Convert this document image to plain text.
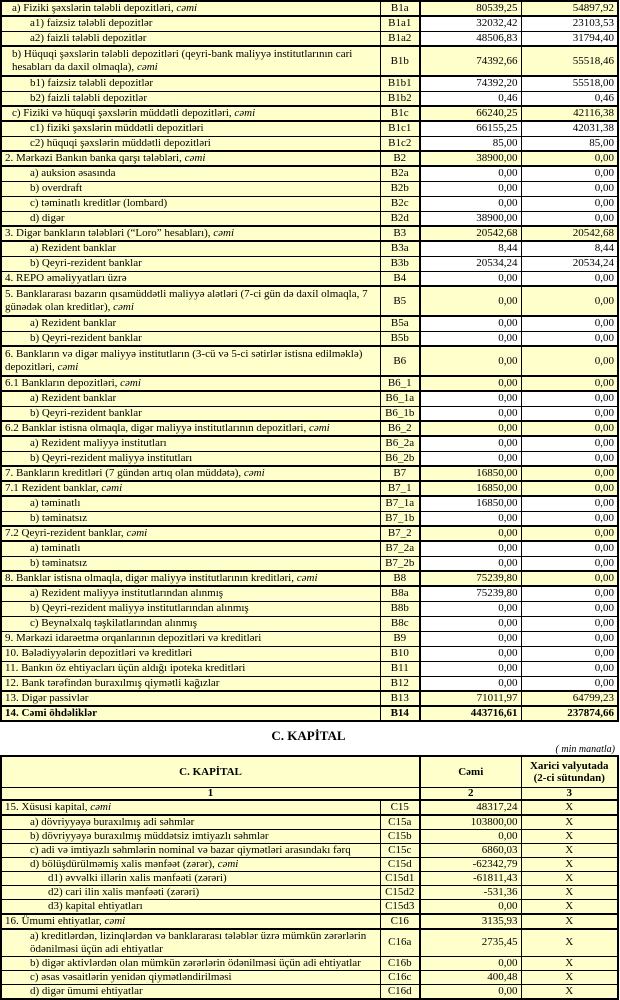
a) Fiziki şəxslərin tələbli depozitləri, cəmi	B1a	80539,25	54897,92
a1) faizsiz tələbli depozitlər	B1a1	32032,42	23103,53
a2) faizli tələbli depozitlər	B1a2	48506,83	31794,40
b) Hüquqi şəxslərin tələbli depozitləri (qeyri-bank maliyyə institutlarının cari hesabları da daxil olmaqla), cəmi	B1b	74392,66	55518,46
b1) faizsiz tələbli depozitlər	B1b1	74392,20	55518,00
b2) faizli tələbli depozitlər	B1b2	0,46	0,46
c) Fiziki və hüquqi şəxslərin müddətli depozitləri, cəmi	B1c	66240,25	42116,38
c1) fiziki şəxslərin müddətli depozitləri	B1c1	66155,25	42031,38
c2) hüquqi şəxslərin müddətli depozitləri	B1c2	85,00	85,00
2. Mərkəzi Bankın banka qarşı tələbləri, cəmi	B2	38900,00	0,00
a) auksion əsasında	B2a	0,00	0,00
b) overdraft	B2b	0,00	0,00
c) təminatlı kreditlər (lombard)	B2c	0,00	0,00
d) digər	B2d	38900,00	0,00
3. Digər bankların tələbləri (“Loro” hesabları), cəmi	B3	20542,68	20542,68
a) Rezident banklar	B3a	8,44	8,44
b) Qeyri-rezident banklar	B3b	20534,24	20534,24
4. REPO əməliyyatları üzrə	B4	0,00	0,00
5. Banklararası bazarın qısamüddətli maliyyə alətləri (7-ci gün də daxil olmaqla, 7 günədək olan kreditlər), cəmi	B5	0,00	0,00
a) Rezident banklar	B5a	0,00	0,00
b) Qeyri-rezident banklar	B5b	0,00	0,00
6. Bankların və digər maliyyə institutların (3-cü və 5-ci sətirlər istisna edilməklə) depozitləri, cəmi	B6	0,00	0,00
6.1 Bankların depozitləri, cəmi	B6_1	0,00	0,00
a) Rezident banklar	B6_1a	0,00	0,00
b) Qeyri-rezident banklar	B6_1b	0,00	0,00
6.2 Banklar istisna olmaqla, digər maliyyə institutlarının depozitləri, cəmi	B6_2	0,00	0,00
a) Rezident maliyyə institutları	B6_2a	0,00	0,00
b) Qeyri-rezident maliyyə institutları	B6_2b	0,00	0,00
7. Bankların kreditləri (7 gündən artıq olan müddətə), cəmi	B7	16850,00	0,00
7.1 Rezident banklar, cəmi	B7_1	16850,00	0,00
a) təminatlı	B7_1a	16850,00	0,00
b) təminatsız	B7_1b	0,00	0,00
7.2 Qeyri-rezident banklar, cəmi	B7_2	0,00	0,00
a) təminatlı	B7_2a	0,00	0,00
b) təminatsız	B7_2b	0,00	0,00
8. Banklar istisna olmaqla, digər maliyyə institutlarının kreditləri, cəmi	B8	75239,80	0,00
a) Rezident maliyyə institutlarından alınmış	B8a	75239,80	0,00
b) Qeyri-rezident maliyyə institutlarından alınmış	B8b	0,00	0,00
c) Beynəlxalq təşkilatlarından alınmış	B8c	0,00	0,00
9. Mərkəzi idarəetmə orqanlarının depozitləri və kreditləri	B9	0,00	0,00
10. Bələdiyyələrin depozitləri və kreditləri	B10	0,00	0,00
11. Bankın öz ehtiyacları üçün aldığı ipoteka kreditləri	B11	0,00	0,00
12. Bank tərəfindən buraxılmış qiymətli kağızlar	B12	0,00	0,00
13. Digər passivlər	B13	71011,97	64799,23
14. Cəmi öhdəliklər	B14	443716,61	237874,66
C. KAPİTAL
( min manatla)
C. KAPİTAL		Cəmi	Xarici valyutada (2-ci sütundan)
1		2	3
15. Xüsusi kapital, cəmi	C15	48317,24	X
a) dövriyyəyə buraxılmış adi səhmlər	C15a	103800,00	X
b) dövriyyəyə buraxılmış müddətsiz imtiyazlı səhmlər	C15b	0,00	X
c) adi və imtiyazlı səhmlərin nominal və bazar qiymətləri arasındakı fərq	C15c	6860,03	X
d) bölüşdürülməmiş xalis mənfəət (zərər), cəmi	C15d	-62342,79	X
d1) əvvəlki illərin xalis mənfəəti (zərəri)	C15d1	-61811,43	X
d2) cari ilin xalis mənfəəti (zərəri)	C15d2	-531,36	X
d3) kapital ehtiyatları	C15d3	0,00	X
16. Ümumi ehtiyatlar, cəmi	C16	3135,93	X
a) kreditlərdən, lizinqlərdən və banklararası tələblər üzrə mümkün zərərlərin ödənilməsi üçün adi ehtiyatlar	C16a	2735,45	X
b) digər aktivlərdən olan mümkün zərərlərin ödənilməsi üçün adi ehtiyatlar	C16b	0,00	X
c) əsas vəsaitlərin yenidən qiymətləndirilməsi	C16c	400,48	X
d) digər ümumi ehtiyatlar	C16d	0,00	X
